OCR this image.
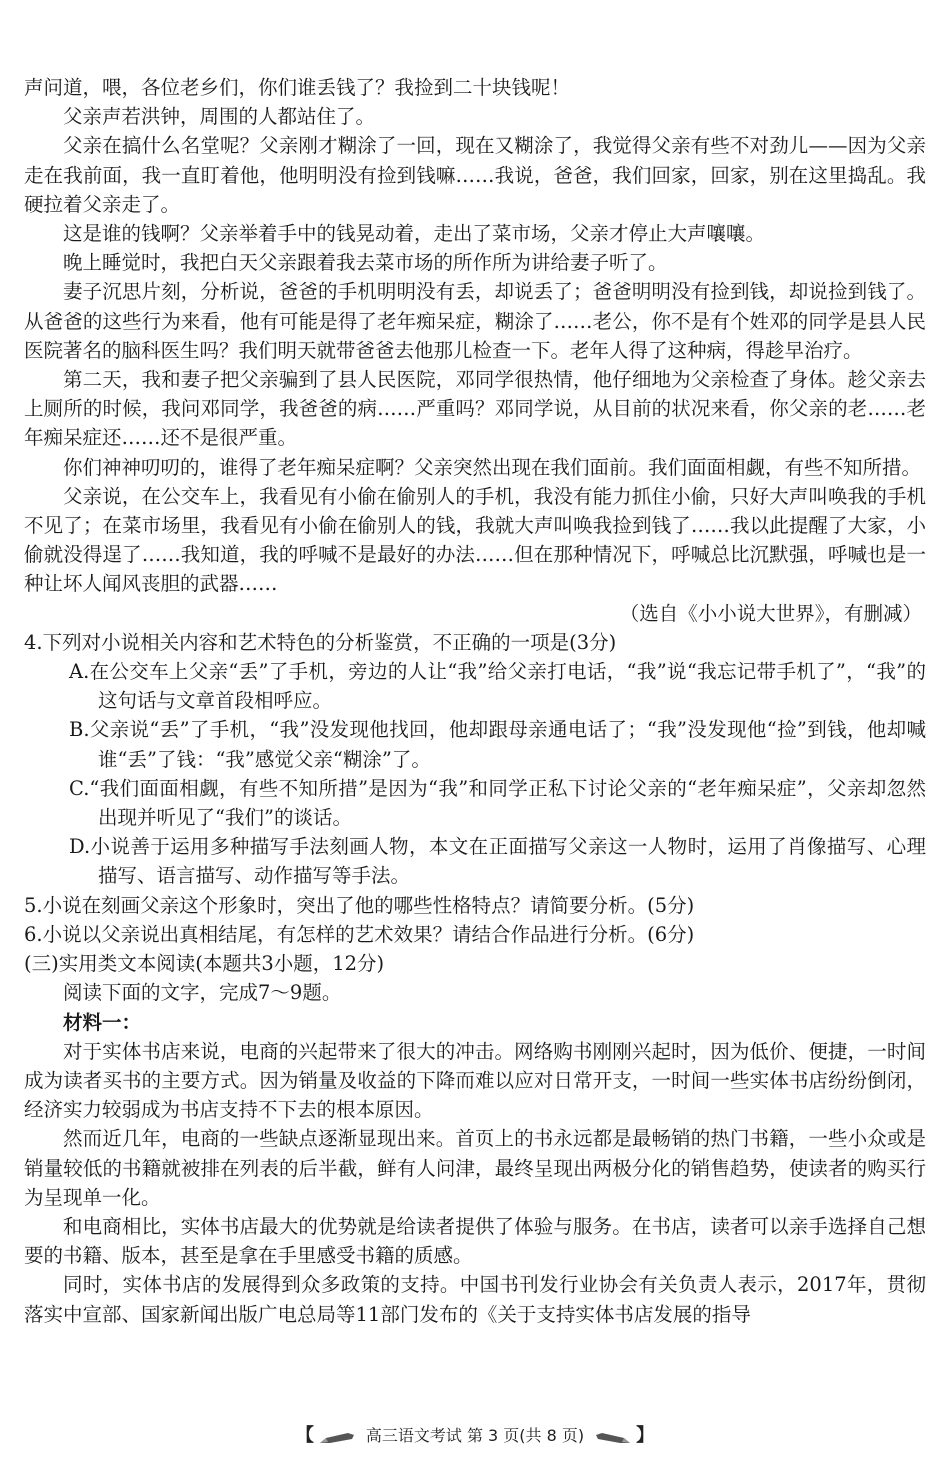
声问道，喂，各位老乡们，你们谁丢钱了？我捡到二十块钱呢！

父亲声若洪钟，周围的人都站住了。

父亲在搞什么名堂呢？父亲刚才糊涂了一回，现在又糊涂了，我觉得父亲有些不对劲儿——因为父亲走在我前面，我一直盯着他，他明明没有捡到钱嘛……我说，爸爸，我们回家，回家，别在这里捣乱。我硬拉着父亲走了。

这是谁的钱啊？父亲举着手中的钱晃动着，走出了菜市场，父亲才停止大声嚷嚷。

晚上睡觉时，我把白天父亲跟着我去菜市场的所作所为讲给妻子听了。

妻子沉思片刻，分析说，爸爸的手机明明没有丢，却说丢了；爸爸明明没有捡到钱，却说捡到钱了。从爸爸的这些行为来看，他有可能是得了老年痴呆症，糊涂了……老公，你不是有个姓邓的同学是县人民医院著名的脑科医生吗？我们明天就带爸爸去他那儿检查一下。老年人得了这种病，得趁早治疗。

第二天，我和妻子把父亲骗到了县人民医院，邓同学很热情，他仔细地为父亲检查了身体。趁父亲去上厕所的时候，我问邓同学，我爸爸的病……严重吗？邓同学说，从目前的状况来看，你父亲的老……老年痴呆症还……还不是很严重。

你们神神叨叨的，谁得了老年痴呆症啊？父亲突然出现在我们面前。我们面面相觑，有些不知所措。

父亲说，在公交车上，我看见有小偷在偷别人的手机，我没有能力抓住小偷，只好大声叫唤我的手机不见了；在菜市场里，我看见有小偷在偷别人的钱，我就大声叫唤我捡到钱了……我以此提醒了大家，小偷就没得逞了……我知道，我的呼喊不是最好的办法……但在那种情况下，呼喊总比沉默强，呼喊也是一种让坏人闻风丧胆的武器……

（选自《小小说大世界》，有删减）

4.下列对小说相关内容和艺术特色的分析鉴赏，不正确的一项是(3分)

A.在公交车上父亲“丢”了手机，旁边的人让“我”给父亲打电话，“我”说“我忘记带手机了”，“我”的这句话与文章首段相呼应。

B.父亲说“丢”了手机，“我”没发现他找回，他却跟母亲通电话了；“我”没发现他“捡”到钱，他却喊谁“丢”了钱：“我”感觉父亲“糊涂”了。

C.“我们面面相觑，有些不知所措”是因为“我”和同学正私下讨论父亲的“老年痴呆症”，父亲却忽然出现并听见了“我们”的谈话。

D.小说善于运用多种描写手法刻画人物，本文在正面描写父亲这一人物时，运用了肖像描写、心理描写、语言描写、动作描写等手法。

5.小说在刻画父亲这个形象时，突出了他的哪些性格特点？请简要分析。(5分)

6.小说以父亲说出真相结尾，有怎样的艺术效果？请结合作品进行分析。(6分)

(三)实用类文本阅读(本题共3小题，12分)

阅读下面的文字，完成7～9题。

材料一：

对于实体书店来说，电商的兴起带来了很大的冲击。网络购书刚刚兴起时，因为低价、便捷，一时间成为读者买书的主要方式。因为销量及收益的下降而难以应对日常开支，一时间一些实体书店纷纷倒闭，经济实力较弱成为书店支持不下去的根本原因。

然而近几年，电商的一些缺点逐渐显现出来。首页上的书永远都是最畅销的热门书籍，一些小众或是销量较低的书籍就被排在列表的后半截，鲜有人问津，最终呈现出两极分化的销售趋势，使读者的购买行为呈现单一化。

和电商相比，实体书店最大的优势就是给读者提供了体验与服务。在书店，读者可以亲手选择自己想要的书籍、版本，甚至是拿在手里感受书籍的质感。

同时，实体书店的发展得到众多政策的支持。中国书刊发行业协会有关负责人表示，2017年，贯彻落实中宣部、国家新闻出版广电总局等11部门发布的《关于支持实体书店发展的指导

【	高三语文考试 第 3 页(共 8 页)	】
